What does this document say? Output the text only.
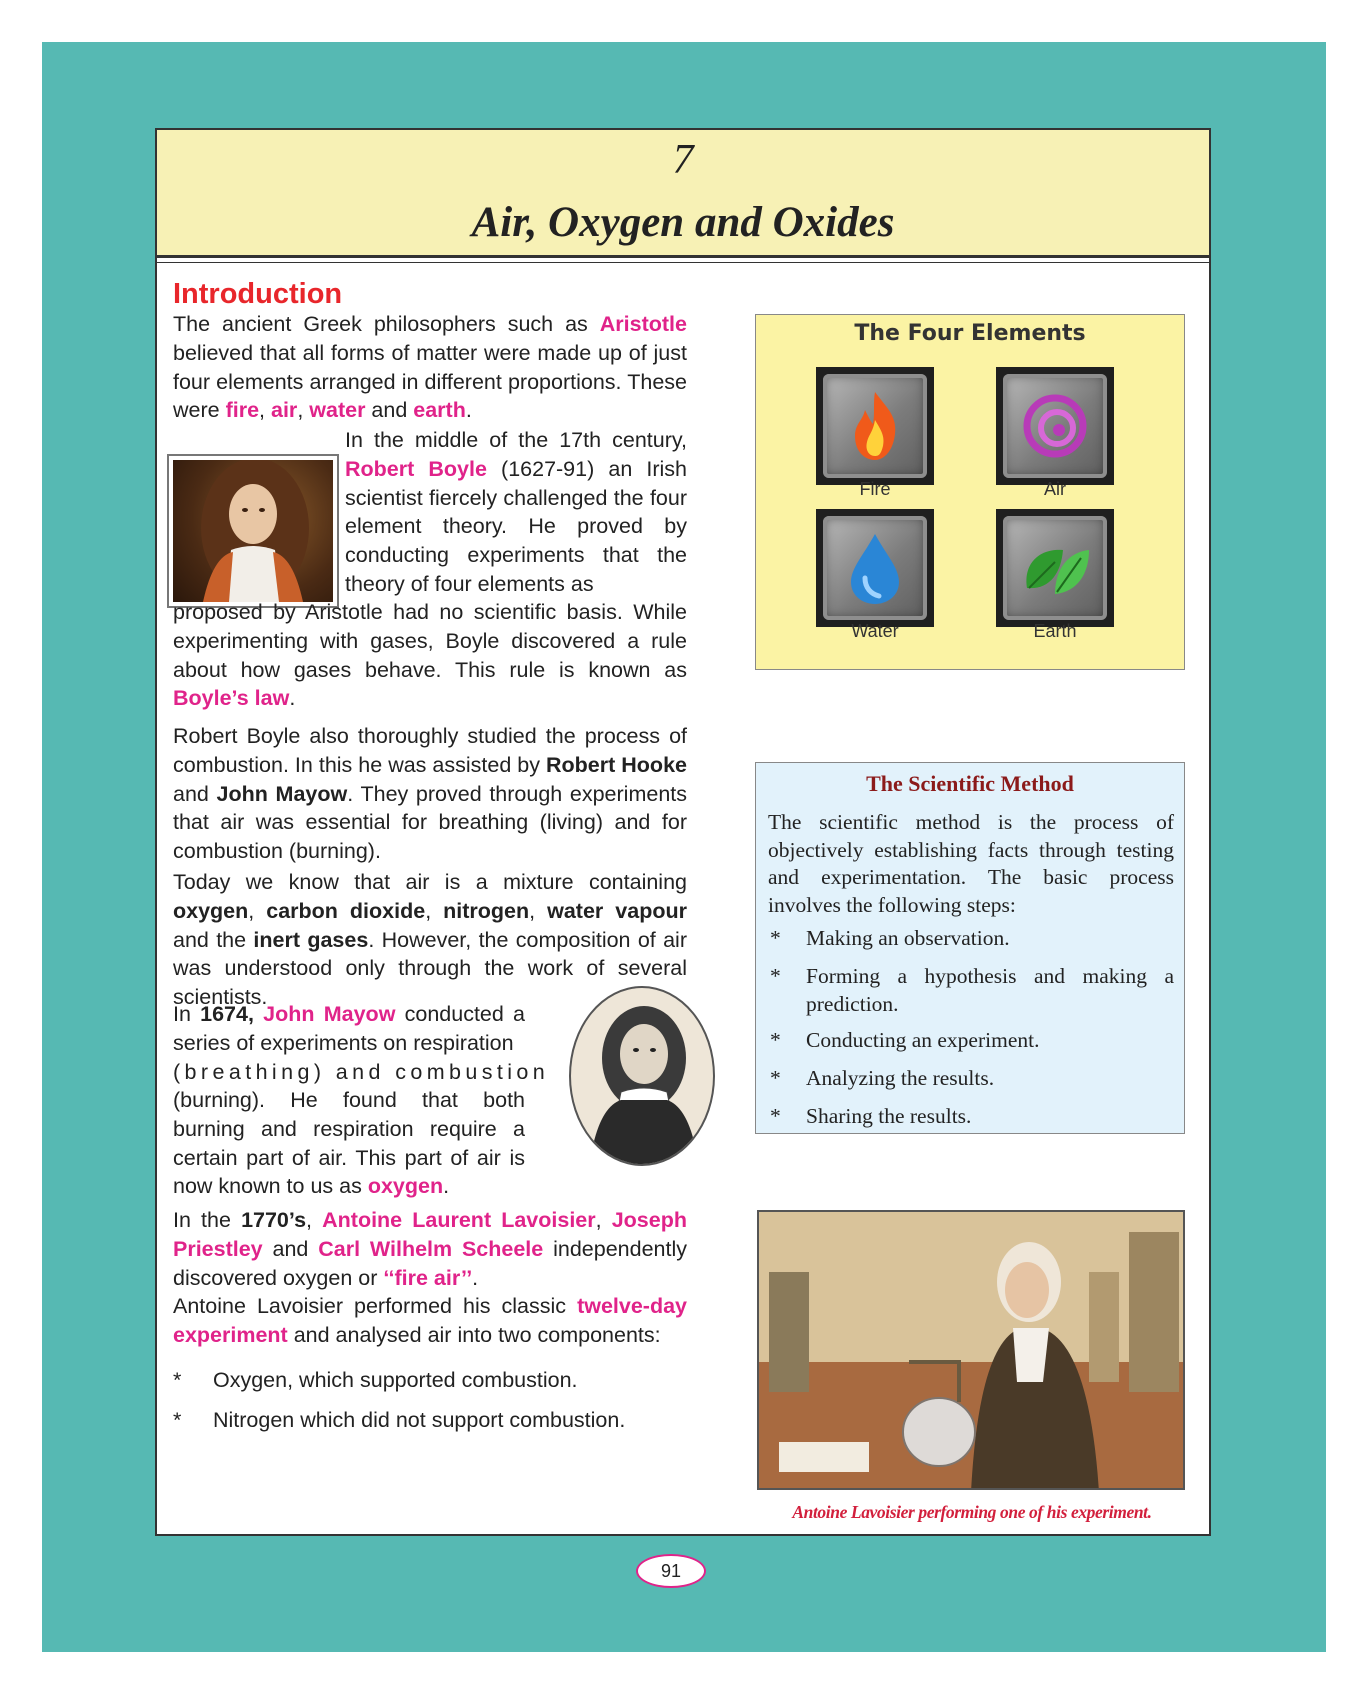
7
Air, Oxygen and Oxides
Introduction

The ancient Greek philosophers such as Aristotle believed that all forms of matter were made up of just four elements arranged in different proportions. These were fire, air, water and earth.

In the middle of the 17th century, Robert Boyle (1627-91) an Irish scientist fiercely challenged the four element theory. He proved by conducting experiments that the theory of four elements as

proposed by Aristotle had no scientific basis. While experimenting with gases, Boyle discovered a rule about how gases behave. This rule is known as Boyle’s law.

Robert Boyle also thoroughly studied the process of combustion. In this he was assisted by Robert Hooke and John Mayow. They proved through experiments that air was essential for breathing (living) and for combustion (burning).

Today we know that air is a mixture containing oxygen, carbon dioxide, nitrogen, water vapour and the inert gases. However, the composition of air was understood only through the work of several scientists.

In 1674, John Mayow conducted a series of experiments on respiration

(breathing) and combustion

(burning). He found that both burning and respiration require a certain part of air. This part of air is now known to us as oxygen.

In the 1770’s, Antoine Laurent Lavoisier, Joseph Priestley and Carl Wilhelm Scheele independently discovered oxygen or ‘‘fire air’’.

Antoine Lavoisier performed his classic twelve-day experiment and analysed air into two components:

* Oxygen, which supported combustion.
* Nitrogen which did not support combustion.
The Four Elements
Fire	Air
Water	Earth
The Scientific Method
The scientific method is the process of objectively establishing facts through testing and experimentation. The basic process involves the following steps:
* Making an observation.
* Forming a hypothesis and making a prediction.
* Conducting an experiment.
* Analyzing the results.
* Sharing the results.
Antoine Lavoisier performing one of his experiment.
91
